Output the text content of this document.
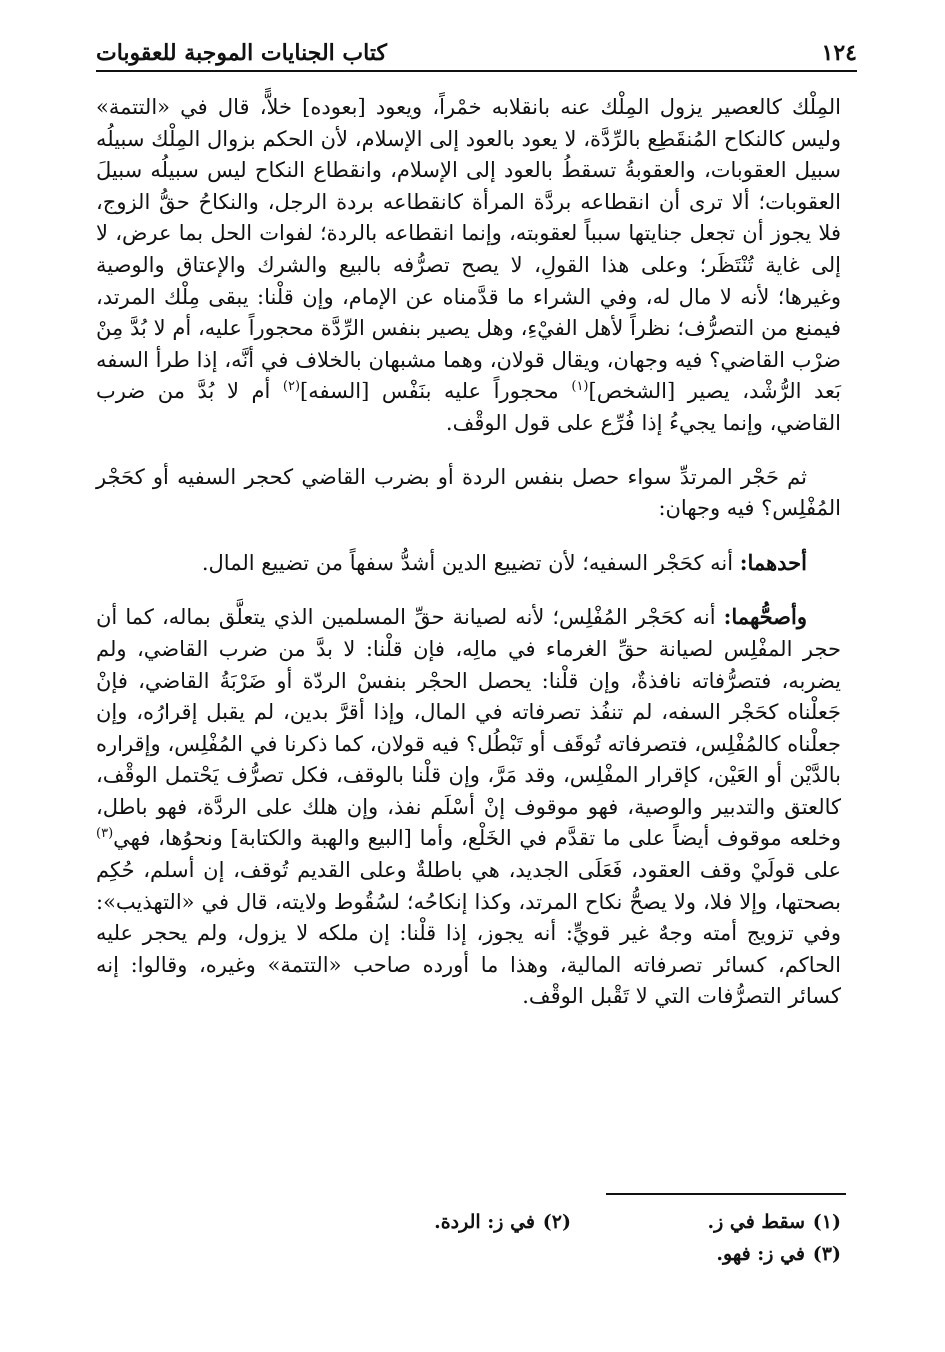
١٢٤
كتاب الجنايات الموجبة للعقوبات

المِلْك كالعصير يزول المِلْك عنه بانقلابه خمْراً، ويعود [بعوده] خلاًّ، قال في «التتمة» وليس كالنكاح المُنقَطِع بالرِّدَّة، لا يعود بالعود إلى الإسلام، لأن الحكم بزوال المِلْك سبيلُه سبيل العقوبات، والعقوبةُ تسقطُ بالعود إلى الإسلام، وانقطاع النكاح ليس سبيلُه سبيلَ العقوبات؛ ألا ترى أن انقطاعه بردَّة المرأة كانقطاعه بردة الرجل، والنكاحُ حقُّ الزوج، فلا يجوز أن تجعل جنايتها سبباً لعقوبته، وإنما انقطاعه بالردة؛ لفوات الحل بما عرض، لا إلى غاية تُنْتَظَر؛ وعلى هذا القولِ، لا يصح تصرُّفه بالبيع والشرك والإعتاق والوصية وغيرها؛ لأنه لا مال له، وفي الشراء ما قدَّمناه عن الإمام، وإن قلْنا: يبقى مِلْك المرتد، فيمنع من التصرُّف؛ نظراً لأهل الفيْءِ، وهل يصير بنفس الرِّدَّة محجوراً عليه، أم لا بُدَّ مِنْ ضرْب القاضي؟ فيه وجهان، ويقال قولان، وهما مشبهان بالخلاف في أنَّه، إذا طرأ السفه بَعد الرُّشْد، يصير [الشخص]$^{(١)}$ محجوراً عليه بنَفْس [السفه]$^{(٢)}$ أم لا بُدَّ من ضرب القاضي، وإنما يجيءُ إذا فُرِّع على قول الوقْف.

ثم حَجْر المرتدِّ سواء حصل بنفس الردة أو بضرب القاضي كحجر السفيه أو كحَجْر المُفْلِس؟ فيه وجهان:

أحدهما: أنه كحَجْر السفيه؛ لأن تضييع الدين أشدُّ سفهاً من تضييع المال.

وأصحُّهما: أنه كحَجْر المُفْلِس؛ لأنه لصيانة حقِّ المسلمين الذي يتعلَّق بماله، كما أن حجر المفْلِس لصيانة حقِّ الغرماء في مالِه، فإن قلْنا: لا بدَّ من ضرب القاضي، ولم يضربه، فتصرُّفاته نافذةٌ، وإن قلْنا: يحصل الحجْر بنفسْ الردّة أو ضَرْبَةُ القاضي، فإنْ جَعلْناه كحَجْر السفه، لم تنفُذ تصرفاته في المال، وإذا أقرَّ بدين، لم يقبل إقرارُه، وإن جعلْناه كالمُفْلِس، فتصرفاته تُوقَف أو تَبْطُل؟ فيه قولان، كما ذكرنا في المُفْلِس، وإقراره بالدَّيْن أو العَيْن، كإقرار المفْلِس، وقد مَرَّ، وإن قلْنا بالوقف، فكل تصرُّف يَحْتمل الوقْف، كالعتق والتدبير والوصية، فهو موقوف إنْ أسْلَم نفذ، وإن هلك على الردَّة، فهو باطل، وخلعه موقوف أيضاً على ما تقدَّم في الخَلْع، وأما [البيع والهبة والكتابة] ونحوُها، فهي$^{(٣)}$ على قولَيْ وقف العقود، فَعَلَى الجديد، هي باطلةٌ وعلى القديم تُوقف، إن أسلم، حُكِم بصحتها، وإلا فلا، ولا يصحُّ نكاح المرتد، وكذا إنكاحُه؛ لسُقُوط ولايته، قال في «التهذيب»: وفي تزويج أمته وجهٌ غير قويٍّ: أنه يجوز، إذا قلْنا: إن ملكه لا يزول، ولم يحجر عليه الحاكم، كسائر تصرفاته المالية، وهذا ما أورده صاحب «التتمة» وغيره، وقالوا: إنه كسائر التصرُّفات التي لا تَقْبل الوقْف.

(١)سقط في ز.
(٢)في ز: الردة.
(٣)في ز: فهو.
